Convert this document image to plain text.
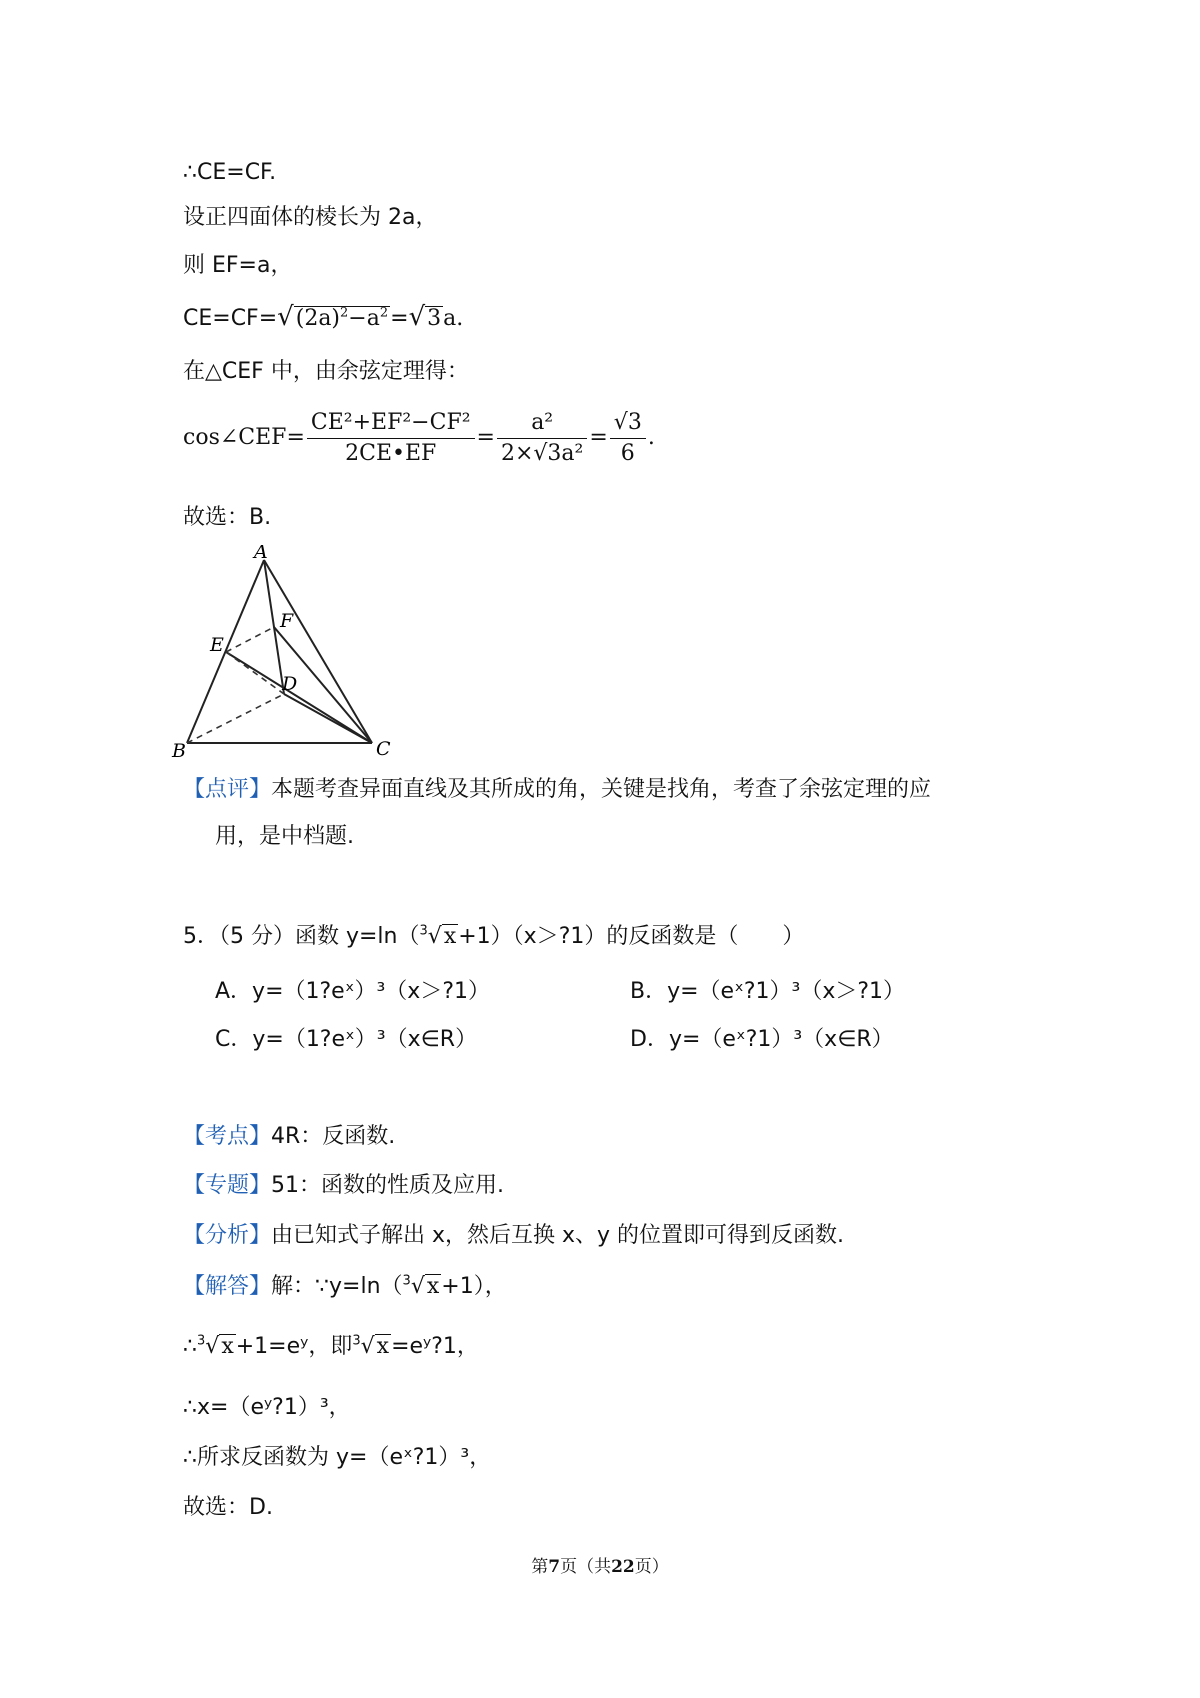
∴CE=CF.
设正四面体的棱长为 2a，
则 EF=a，
$CE=CF=√(2a)^2-a^2=√3a$.
在△CEF 中，由余弦定理得：
cos∠CEF= $\frac{\text{CE²+EF²−CF²}}{2CE•EF} = \frac{\text{a²}}{\text{2×√3a²}} = \frac{√3}{6}$ .
故选：B.
A
B	C
D
E
F
【点评】本题考查异面直线及其所成的角，关键是找角，考查了余弦定理的应
用，是中档题.
5．（5 分）函数 y=ln（$^3$√x+1）（x＞?1）的反函数是（　　）
A．y=（1?eˣ）³（x＞?1）	B．y=（eˣ?1）³（x＞?1）
C．y=（1?eˣ）³（x∈R）	D．y=（eˣ?1）³（x∈R）
【考点】4R：反函数.
【专题】51：函数的性质及应用.
【分析】由已知式子解出 x，然后互换 x、y 的位置即可得到反函数.
【解答】解：∵y=ln（$^3$√x+1），
∴$^3$√x+1=eʸ，即$^3$√x=eʸ?1，
∴x=（eʸ?1）³，
∴所求反函数为 y=（eˣ?1）³，
故选：D.
第7页（共22页）
